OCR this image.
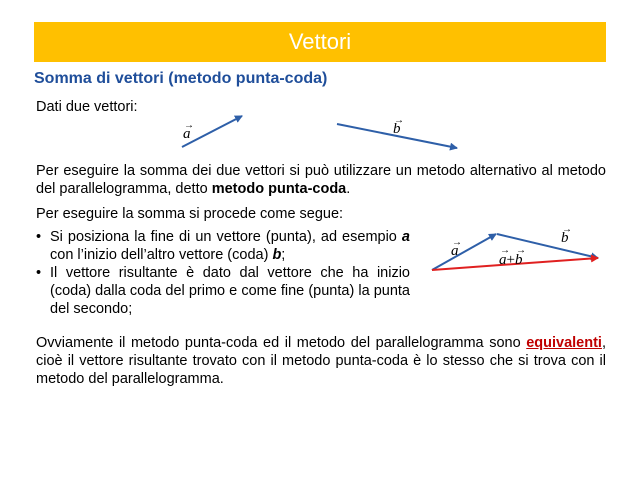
Vettori
Somma di vettori (metodo punta-coda)
Dati due vettori:
→
a
→
b
→
a
→
b
→
a+
→
b
Per eseguire la somma dei due vettori si può utilizzare un metodo alternativo al metodo del parallelogramma, detto metodo punta-coda.
Per eseguire la somma si procede come segue:
• Si posiziona la fine di un vettore (punta), ad esempio a con l’inizio dell’altro vettore (coda) b;
• Il vettore risultante è dato dal vettore che ha inizio (coda) dalla coda del primo e come fine (punta) la punta del secondo;
Ovviamente il metodo punta-coda ed il metodo del parallelogramma sono equivalenti, cioè il vettore risultante trovato con il metodo punta-coda è lo stesso che si trova con il metodo del parallelogramma.
